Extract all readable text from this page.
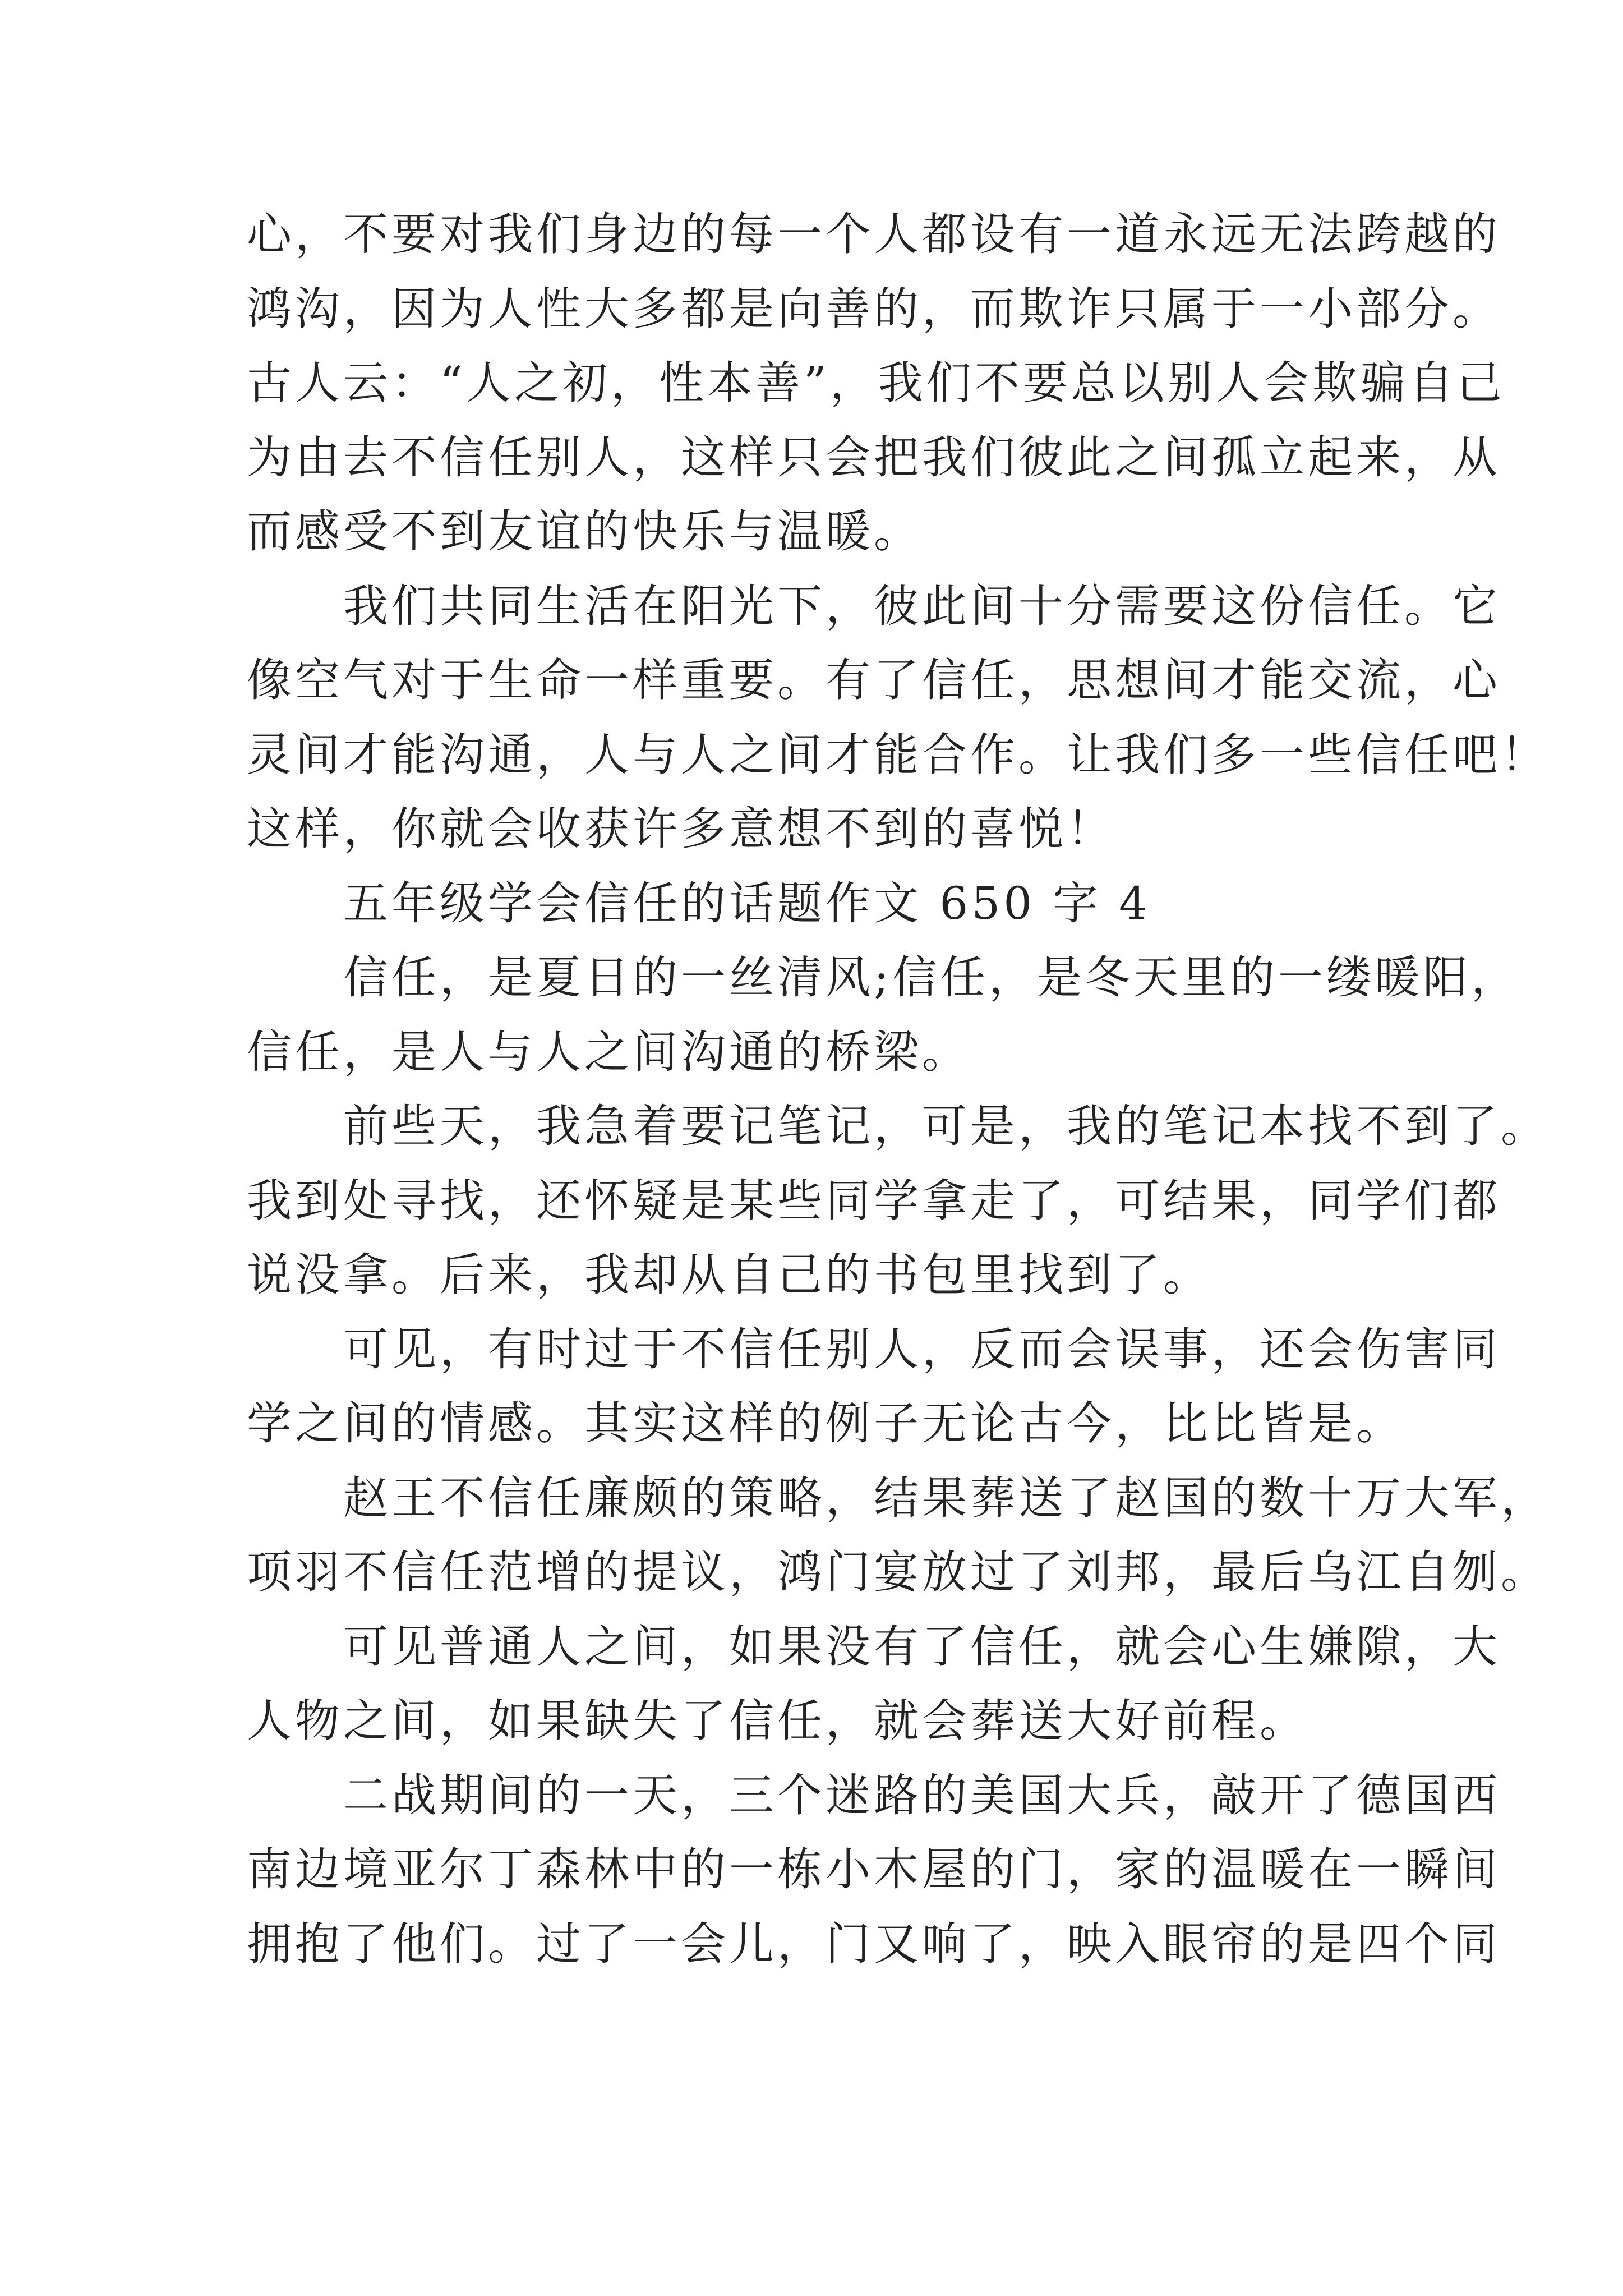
心，不要对我们身边的每一个人都设有一道永远无法跨越的
鸿沟，因为人性大多都是向善的，而欺诈只属于一小部分。
古人云：“人之初，性本善”，我们不要总以别人会欺骗自己
为由去不信任别人，这样只会把我们彼此之间孤立起来，从
而感受不到友谊的快乐与温暖。
　　我们共同生活在阳光下，彼此间十分需要这份信任。它
像空气对于生命一样重要。有了信任，思想间才能交流，心
灵间才能沟通，人与人之间才能合作。让我们多一些信任吧！
这样，你就会收获许多意想不到的喜悦！
　　五年级学会信任的话题作文 650 字 4
　　信任，是夏日的一丝清风;信任，是冬天里的一缕暖阳，
信任，是人与人之间沟通的桥梁。
　　前些天，我急着要记笔记，可是，我的笔记本找不到了。
我到处寻找，还怀疑是某些同学拿走了，可结果，同学们都
说没拿。后来，我却从自己的书包里找到了。
　　可见，有时过于不信任别人，反而会误事，还会伤害同
学之间的情感。其实这样的例子无论古今，比比皆是。
　　赵王不信任廉颇的策略，结果葬送了赵国的数十万大军，
项羽不信任范增的提议，鸿门宴放过了刘邦，最后乌江自刎。
　　可见普通人之间，如果没有了信任，就会心生嫌隙，大
人物之间，如果缺失了信任，就会葬送大好前程。
　　二战期间的一天，三个迷路的美国大兵，敲开了德国西
南边境亚尔丁森林中的一栋小木屋的门，家的温暖在一瞬间
拥抱了他们。过了一会儿，门又响了，映入眼帘的是四个同
